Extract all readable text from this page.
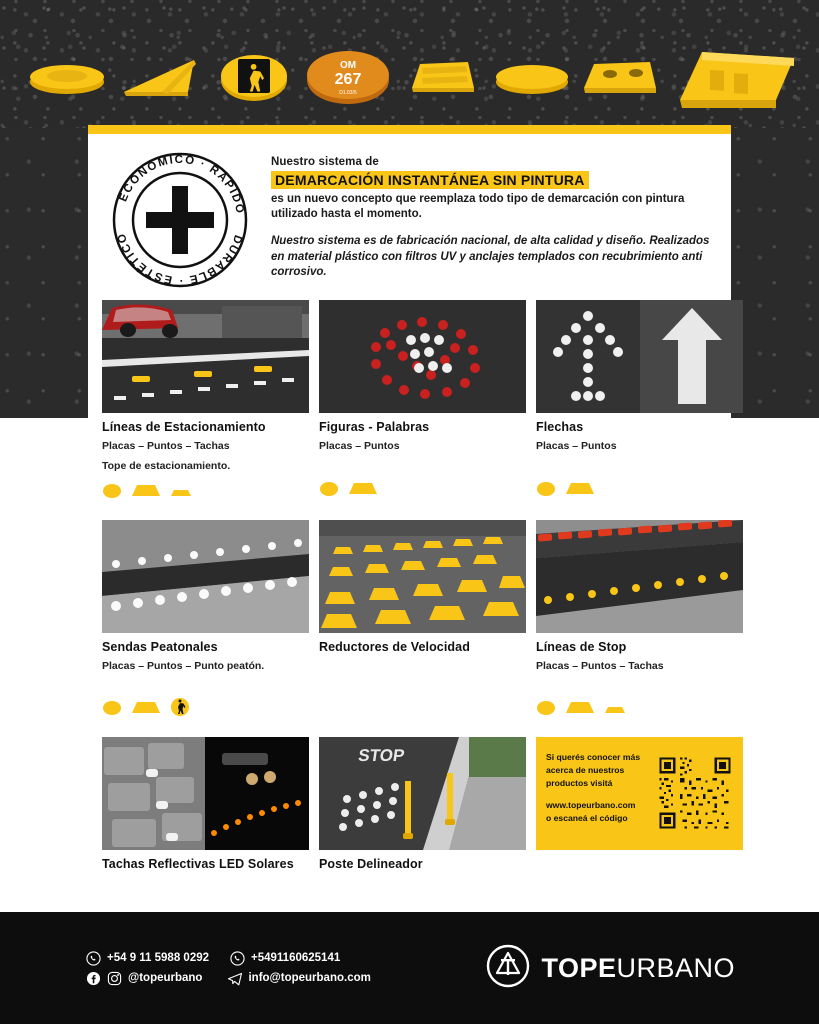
OM
267
D1.03/5
ECONÓMICO · RÁPIDO
DURABLE · ESTÉTICO
Nuestro sistema de
DEMARCACIÓN INSTANTÁNEA SIN PINTURA
es un nuevo concepto que reemplaza todo tipo de demarcación con pintura utilizado hasta el momento.
Nuestro sistema es de fabricación nacional, de alta calidad y diseño. Realizados en material plástico con filtros UV y anclajes templados con recubrimiento anti corrosivo.
Líneas de Estacionamiento
Placas – Puntos – Tachas
Tope de estacionamiento.
Figuras - Palabras
Placas – Puntos
Flechas
Placas – Puntos
Sendas Peatonales
Placas – Puntos – Punto peatón.
Reductores de Velocidad	Líneas de Stop
Placas – Puntos – Tachas
Tachas Reflectivas LED Solares
STOP
Poste Delineador
Si querés conocer más
acerca de nuestros
productos visitá
www.topeurbano.com
o escaneá el código
+54 9 11 5988 0292	+5491160625141
@topeurbano	info@topeurbano.com	TOPEURBANO
